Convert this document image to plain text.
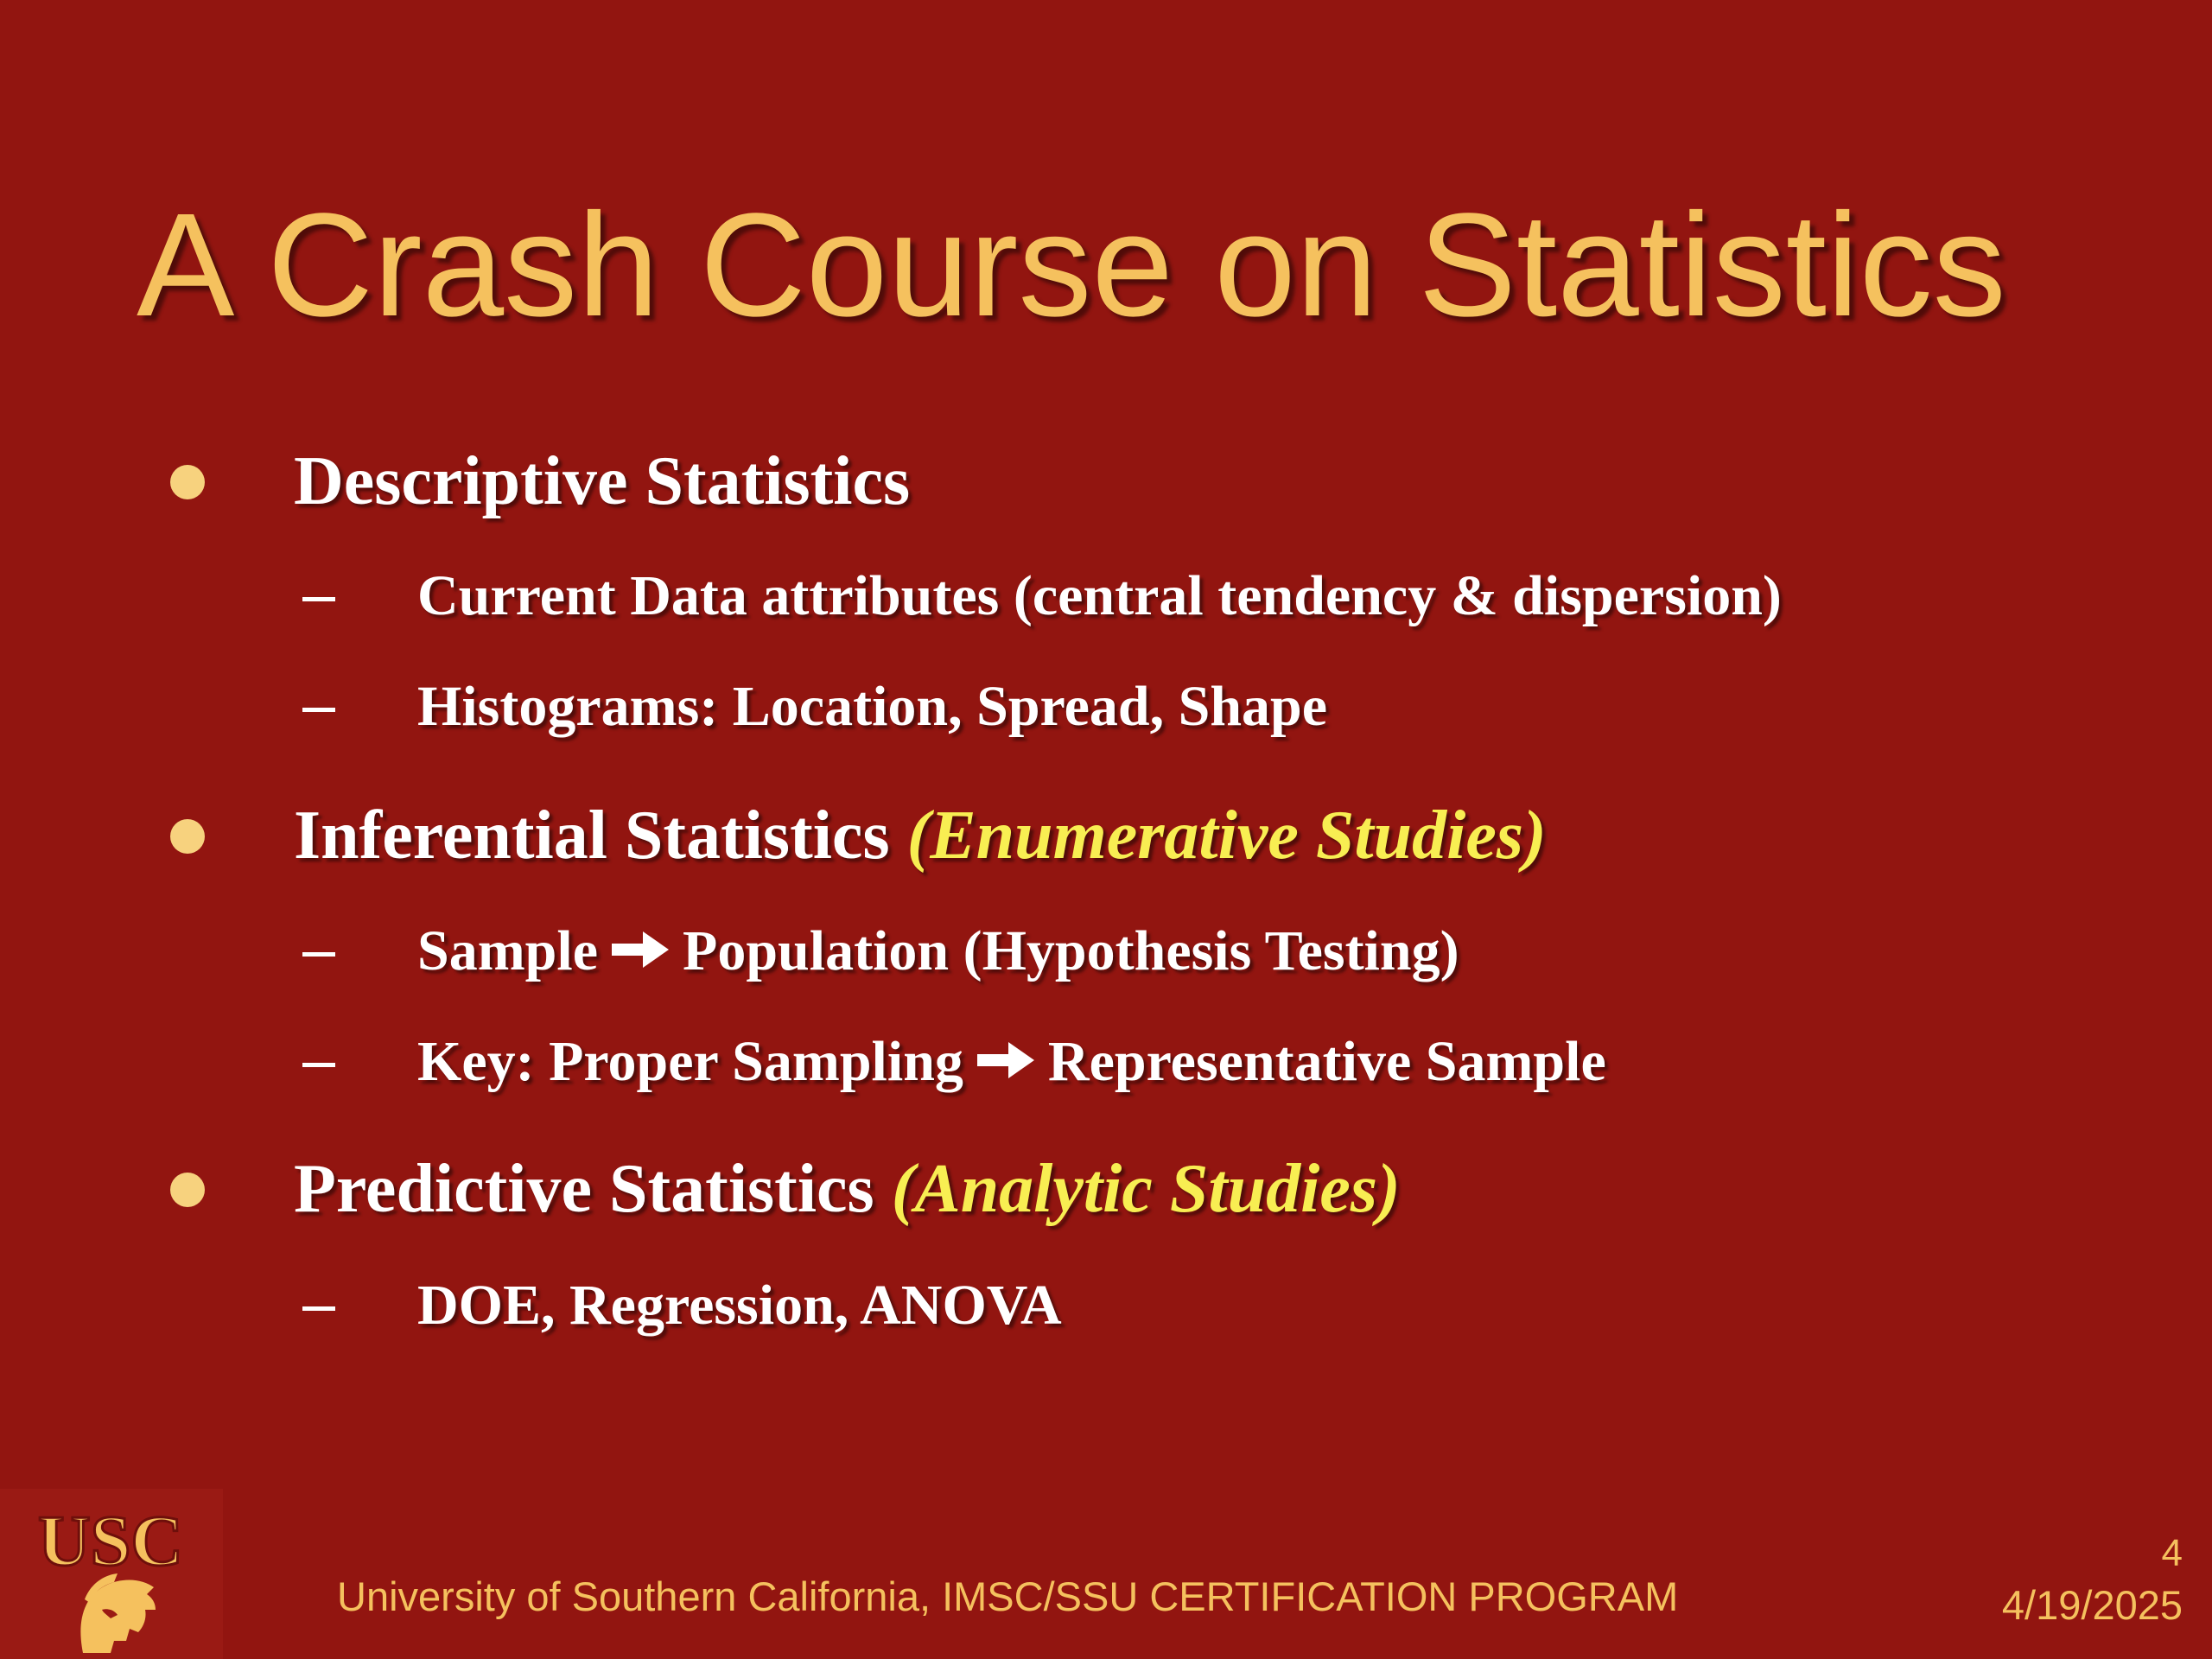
A Crash Course on Statistics
Descriptive Statistics
Current Data attributes (central tendency & dispersion)
Histograms: Location, Spread, Shape
Inferential Statistics (Enumerative Studies)
Sample Population (Hypothesis Testing)
Key: Proper Sampling Representative Sample
Predictive Statistics (Analytic Studies)
DOE, Regression, ANOVA
USC
University of Southern California, IMSC/SSU CERTIFICATION PROGRAM
4
4/19/2025
